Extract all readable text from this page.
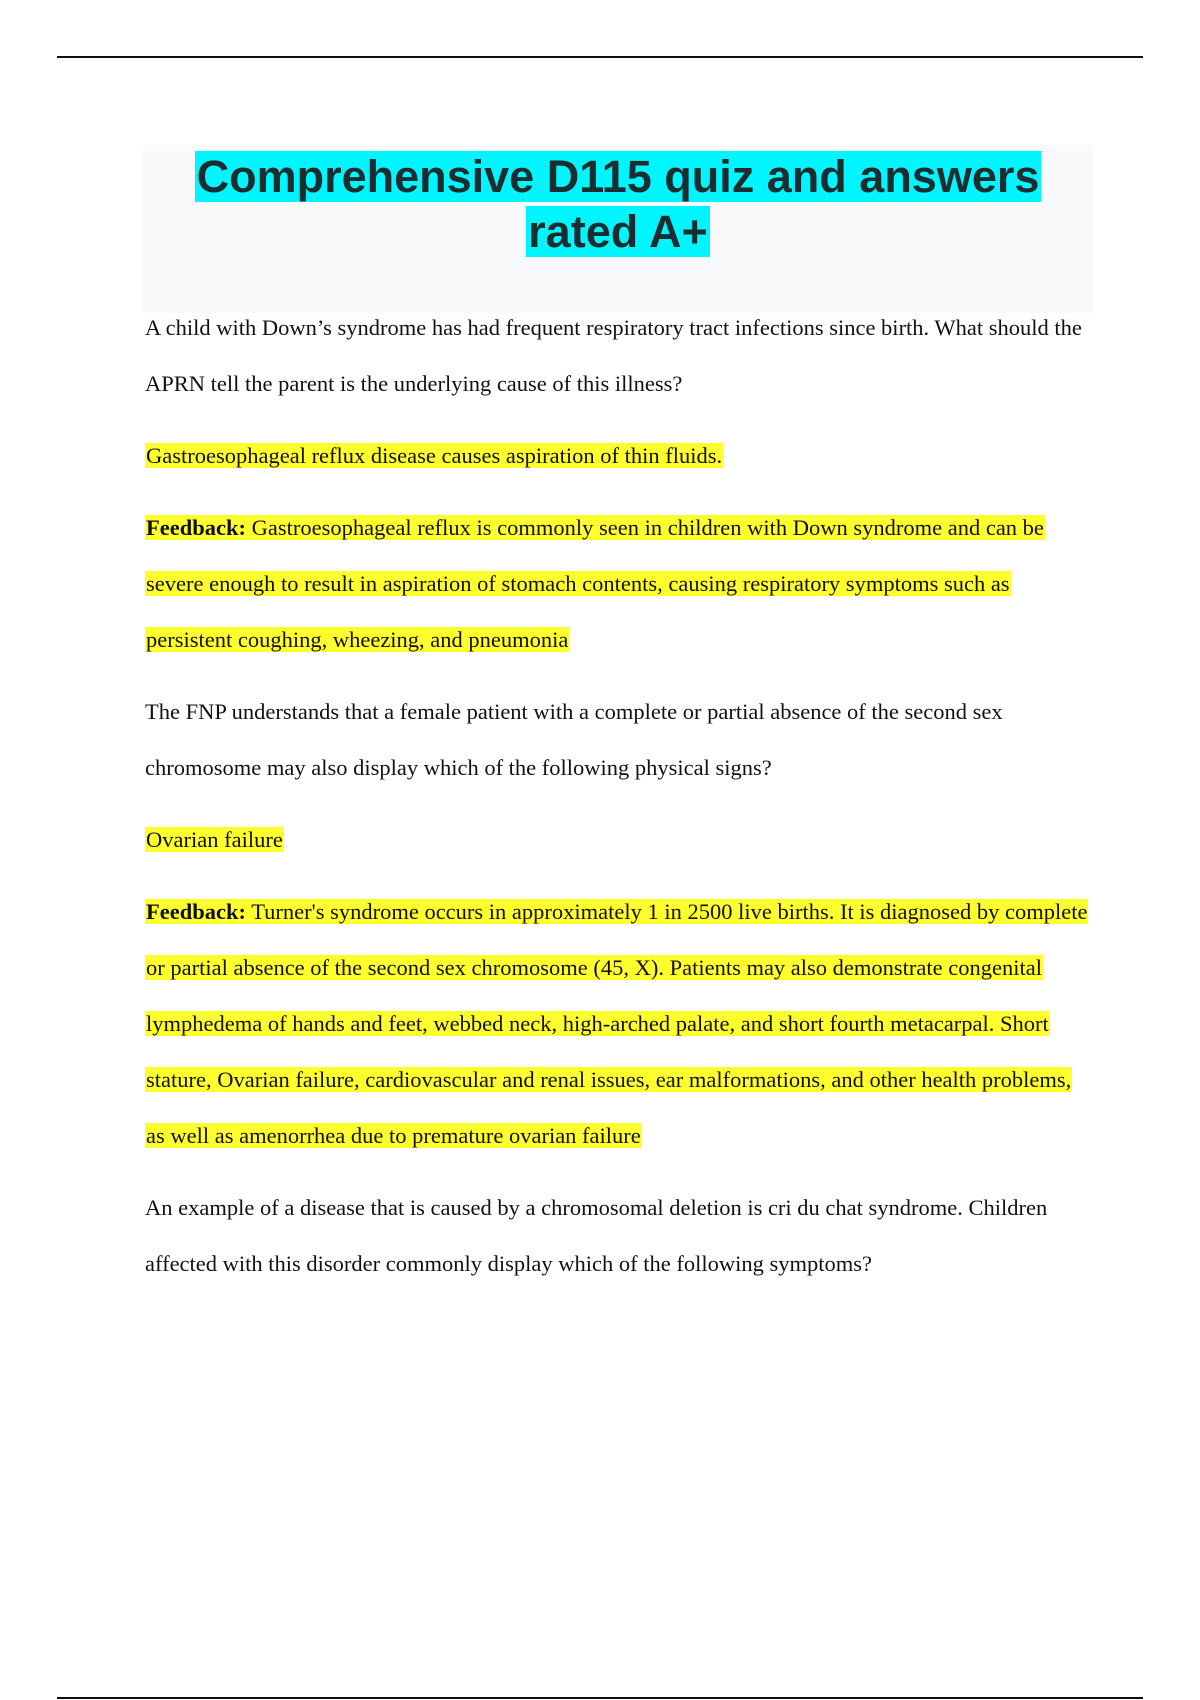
Comprehensive D115 quiz and answers
rated A+

A child with Down’s syndrome has had frequent respiratory tract infections since birth. What should the APRN tell the parent is the underlying cause of this illness?

Gastroesophageal reflux disease causes aspiration of thin fluids.

Feedback: Gastroesophageal reflux is commonly seen in children with Down syndrome and can be severe enough to result in aspiration of stomach contents, causing respiratory symptoms such as persistent coughing, wheezing, and pneumonia

The FNP understands that a female patient with a complete or partial absence of the second sex chromosome may also display which of the following physical signs?

Ovarian failure

Feedback: Turner's syndrome occurs in approximately 1 in 2500 live births. It is diagnosed by complete or partial absence of the second sex chromosome (45, X). Patients may also demonstrate congenital lymphedema of hands and feet, webbed neck, high-arched palate, and short fourth metacarpal. Short stature, Ovarian failure, cardiovascular and renal issues, ear malformations, and other health problems, as well as amenorrhea due to premature ovarian failure

An example of a disease that is caused by a chromosomal deletion is cri du chat syndrome. Children affected with this disorder commonly display which of the following symptoms?
